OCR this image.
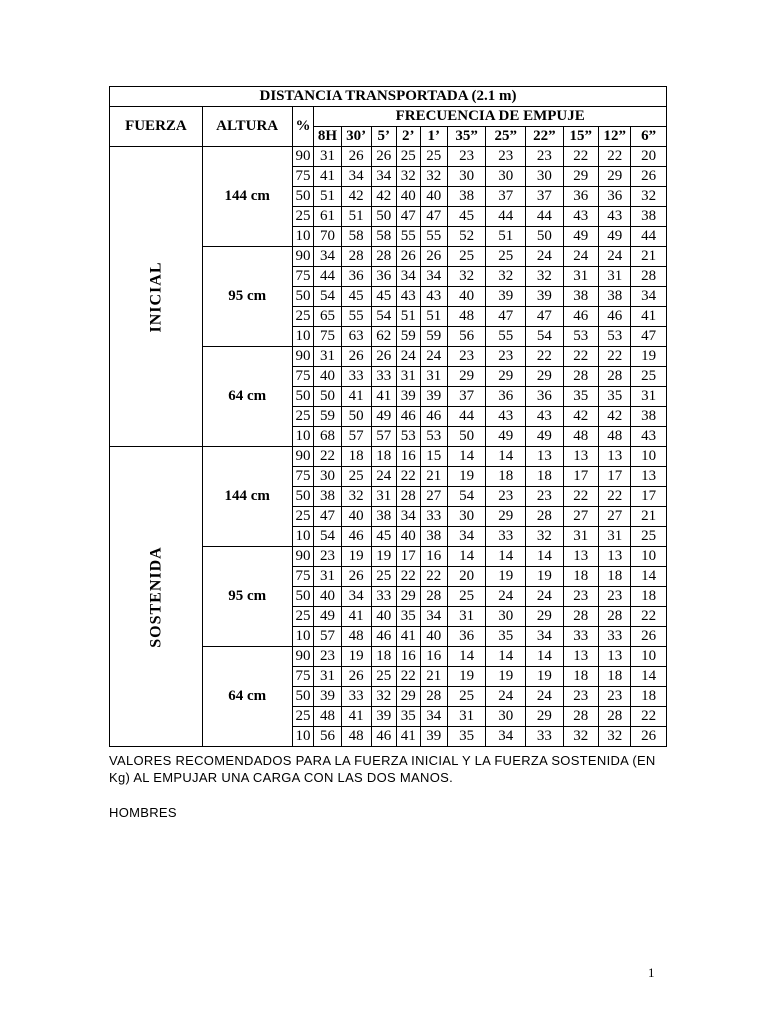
DISTANCIA TRANSPORTADA (2.1 m)													
FUERZA	ALTURA	%	FRECUENCIA DE EMPUJE										
			8H	30’	5’	2’	1’	35”	25”	22”	15”	12”	6”

INICIAL	144 cm	90	31	26	26	25	25	23	23	23	22	22	20
		75	41	34	34	32	32	30	30	30	29	29	26
		50	51	42	42	40	40	38	37	37	36	36	32
		25	61	51	50	47	47	45	44	44	43	43	38
		10	70	58	58	55	55	52	51	50	49	49	44
	95 cm	90	34	28	28	26	26	25	25	24	24	24	21
		75	44	36	36	34	34	32	32	32	31	31	28
		50	54	45	45	43	43	40	39	39	38	38	34
		25	65	55	54	51	51	48	47	47	46	46	41
		10	75	63	62	59	59	56	55	54	53	53	47
	64 cm	90	31	26	26	24	24	23	23	22	22	22	19
		75	40	33	33	31	31	29	29	29	28	28	25
		50	50	41	41	39	39	37	36	36	35	35	31
		25	59	50	49	46	46	44	43	43	42	42	38
		10	68	57	57	53	53	50	49	49	48	48	43

SOSTENIDA	144 cm	90	22	18	18	16	15	14	14	13	13	13	10
		75	30	25	24	22	21	19	18	18	17	17	13
		50	38	32	31	28	27	54	23	23	22	22	17
		25	47	40	38	34	33	30	29	28	27	27	21
		10	54	46	45	40	38	34	33	32	31	31	25
	95 cm	90	23	19	19	17	16	14	14	14	13	13	10
		75	31	26	25	22	22	20	19	19	18	18	14
		50	40	34	33	29	28	25	24	24	23	23	18
		25	49	41	40	35	34	31	30	29	28	28	22
		10	57	48	46	41	40	36	35	34	33	33	26
	64 cm	90	23	19	18	16	16	14	14	14	13	13	10
		75	31	26	25	22	21	19	19	19	18	18	14
		50	39	33	32	29	28	25	24	24	23	23	18
		25	48	41	39	35	34	31	30	29	28	28	22
		10	56	48	46	41	39	35	34	33	32	32	26
VALORES RECOMENDADOS PARA LA FUERZA INICIAL Y LA FUERZA SOSTENIDA (EN Kg) AL EMPUJAR UNA CARGA CON LAS DOS MANOS.
HOMBRES
1
